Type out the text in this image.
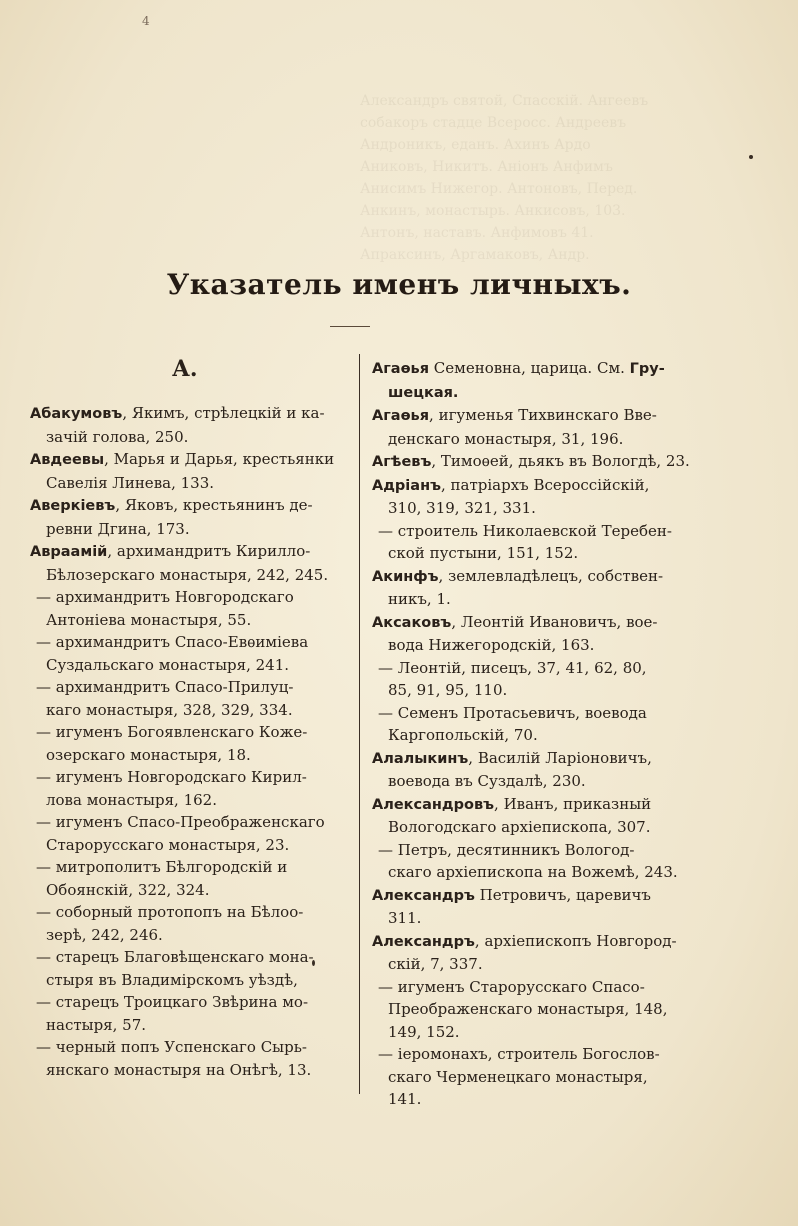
4
Александръ святой, Спасскій. Ангеевъ
собакоръ стадце Всеросс. Андреевъ
Андроникъ, еданъ. Ахинъ Ардо
Аниковъ, Никитъ. Аніонъ Анфимъ
Анисимъ Нижегор. Антоновъ, Перед.
Анкинъ, монастырь. Анкисовъ, 103.
Антонъ, наставъ. Анфимовъ 41.
Апраксинъ, Аргамаковъ, Андр.
Указатель именъ личныхъ.
А.
Абакумовъ, Якимъ, стрѣлецкій и ка-
зачій голова, 250.
Авдеевы, Марья и Дарья, крестьянки
Савелія Линева, 133.
Аверкіевъ, Яковъ, крестьянинъ де-
ревни Дгина, 173.
Авраамій, архимандритъ Кирилло-
Бѣлозерскаго монастыря, 242, 245.
— архимандритъ Новгородскаго
Антоніева монастыря, 55.
— архимандритъ Спасо-Евѳиміева
Суздальскаго монастыря, 241.
— архимандритъ Спасо-Прилуц-
каго монастыря, 328, 329, 334.
— игуменъ Богоявленскаго Коже-
озерскаго монастыря, 18.
— игуменъ Новгородскаго Кирил-
лова монастыря, 162.
— игуменъ Спасо-Преображенскаго
Старорусскаго монастыря, 23.
— митрополитъ Бѣлгородскій и
Обоянскій, 322, 324.
— соборный протопопъ на Бѣлоо-
зерѣ, 242, 246.
— старецъ Благовѣщенскаго мона-
стыря въ Владимірскомъ уѣздѣ,
— старецъ Троицкаго Звѣрина мо-
настыря, 57.
— черный попъ Успенскаго Сырь-
янскаго монастыря на Онѣгѣ, 13.
Агаѳья Семеновна, царица. См. Гру-
шецкая.
Агаѳья, игуменья Тихвинскаго Вве-
денскаго монастыря, 31, 196.
Агѣевъ, Тимоѳей, дьякъ въ Вологдѣ, 23.
Адріанъ, патріархъ Всероссійскій,
310, 319, 321, 331.
— строитель Николаевской Теребен-
ской пустыни, 151, 152.
Акинфъ, землевладѣлецъ, собствен-
никъ, 1.
Аксаковъ, Леонтій Ивановичъ, вое-
вода Нижегородскій, 163.
— Леонтій, писецъ, 37, 41, 62, 80,
85, 91, 95, 110.
— Семенъ Протасьевичъ, воевода
Каргопольскій, 70.
Алалыкинъ, Василій Ларіоновичъ,
воевода въ Суздалѣ, 230.
Александровъ, Иванъ, приказный
Вологодскаго архіепископа, 307.
— Петръ, десятинникъ Вологод-
скаго архіепископа на Вожемѣ, 243.
Александръ Петровичъ, царевичъ
311.
Александръ, архіепископъ Новгород-
скій, 7, 337.
— игуменъ Старорусскаго Спасо-
Преображенскаго монастыря, 148,
149, 152.
— іеромонахъ, строитель Богослов-
скаго Черменецкаго монастыря,
141.
